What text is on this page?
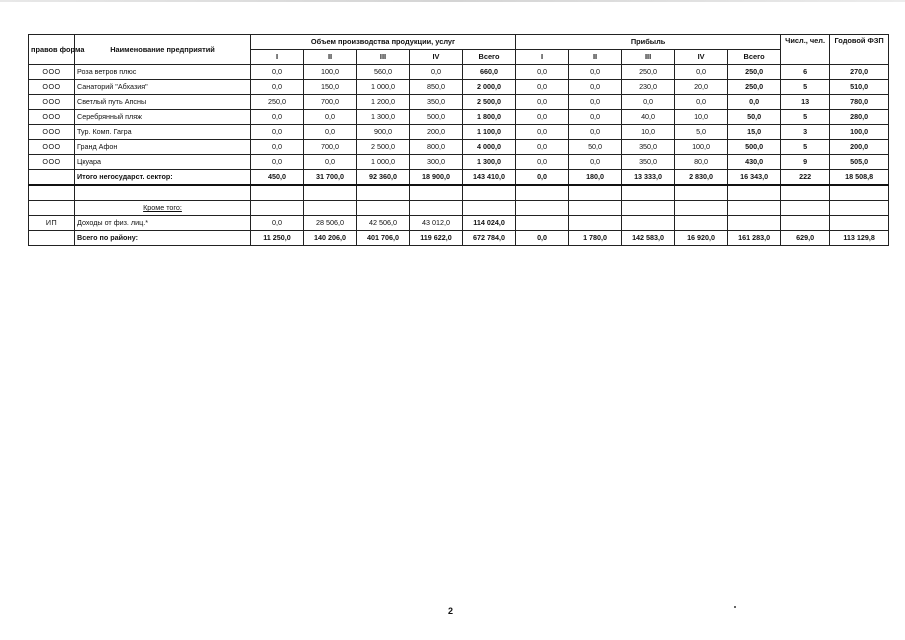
правов форма	Наименование предприятий	Объем производства продукции, услуг					Прибыль					Числ., чел.	Годовой ФЗП
		I	II	III	IV	Всего	I	II	III	IV	Всего		
ООО	Роза ветров плюс	0,0	100,0	560,0	0,0	660,0	0,0	0,0	250,0	0,0	250,0	6	270,0
ООО	Санаторий "Абхазия"	0,0	150,0	1 000,0	850,0	2 000,0	0,0	0,0	230,0	20,0	250,0	5	510,0
ООО	Светлый путь Апсны	250,0	700,0	1 200,0	350,0	2 500,0	0,0	0,0	0,0	0,0	0,0	13	780,0
ООО	Серебрянный пляж	0,0	0,0	1 300,0	500,0	1 800,0	0,0	0,0	40,0	10,0	50,0	5	280,0
ООО	Тур. Комп. Гагра	0,0	0,0	900,0	200,0	1 100,0	0,0	0,0	10,0	5,0	15,0	3	100,0
ООО	Гранд Афон	0,0	700,0	2 500,0	800,0	4 000,0	0,0	50,0	350,0	100,0	500,0	5	200,0
ООО	Цкуара	0,0	0,0	1 000,0	300,0	1 300,0	0,0	0,0	350,0	80,0	430,0	9	505,0
	Итого негосударст. сектор:	450,0	31 700,0	92 360,0	18 900,0	143 410,0	0,0	180,0	13 333,0	2 830,0	16 343,0	222	18 508,8

	Кроме того:												
ИП	Доходы от физ. лиц.*	0,0	28 506,0	42 506,0	43 012,0	114 024,0							
	Всего по району:	11 250,0	140 206,0	401 706,0	119 622,0	672 784,0	0,0	1 780,0	142 583,0	16 920,0	161 283,0	629,0	113 129,8
2
